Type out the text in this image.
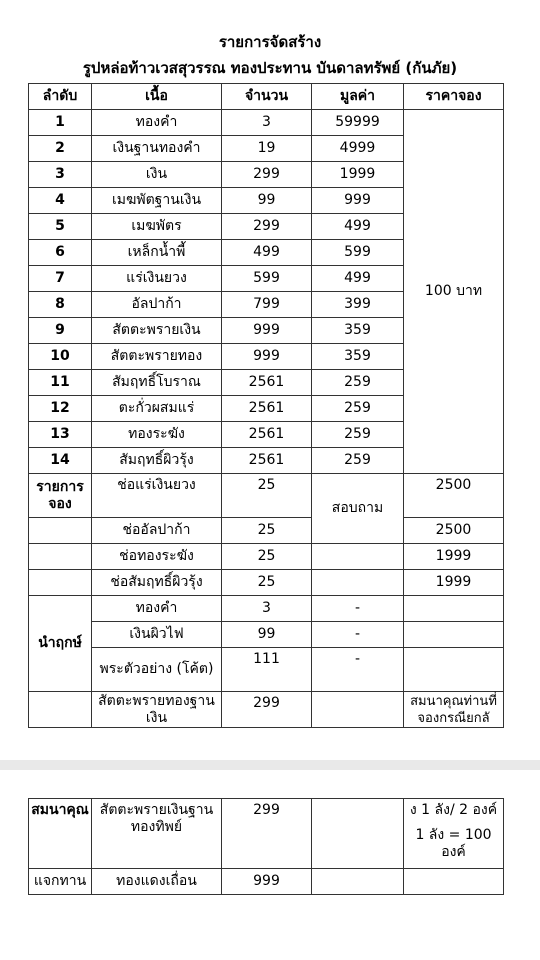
รายการจัดสร้าง
รูปหล่อท้าวเวสสุวรรณ ทองประทาน บันดาลทรัพย์ (กันภัย)
ลำดับ	เนื้อ	จำนวน	มูลค่า	ราคาจอง
1	ทองคำ	3	59999	100 บาท
2	เงินฐานทองคำ	19	4999	
3	เงิน	299	1999	
4	เมฆพัตฐานเงิน	99	999	
5	เมฆพัตร	299	499	
6	เหล็กน้ำพี้	499	599	
7	แร่เงินยวง	599	499	
8	อัลปาก้า	799	399	
9	สัตตะพรายเงิน	999	359	
10	สัตตะพรายทอง	999	359	
11	สัมฤทธิ์โบราณ	2561	259	
12	ตะกั่วผสมแร่	2561	259	
13	ทองระฆัง	2561	259	
14	สัมฤทธิ์ผิวรุ้ง	2561	259	
รายการ จอง	ช่อแร่เงินยวง	25	สอบถาม	2500
	ช่ออัลปาก้า	25		2500
	ช่อทองระฆัง	25		1999
	ช่อสัมฤทธิ์ผิวรุ้ง	25		1999
นำฤกษ์	ทองคำ	3	-	
	เงินผิวไฟ	99	-	
	พระตัวอย่าง (โค้ต)	111	-	
	สัตตะพรายทองฐานเงิน	299		สมนาคุณท่านที่จองกรณียกลั
สมนาคุณ	สัตตะพรายเงินฐานทองทิพย์	299		ง 1 ลัง/ 2 องค์
1 ลัง = 100 องค์

แจกทาน	ทองแดงเถื่อน	999		
